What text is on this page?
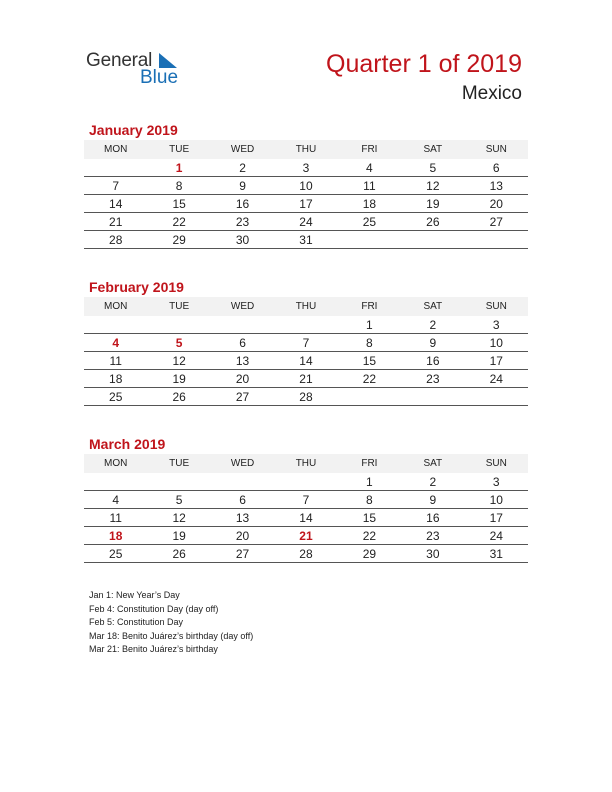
General
Blue	Quarter 1 of 2019
Mexico
January 2019
MON	TUE	WED	THU	FRI	SAT	SUN
	1	2	3	4	5	6
7	8	9	10	11	12	13
14	15	16	17	18	19	20
21	22	23	24	25	26	27
28	29	30	31			
February 2019
MON	TUE	WED	THU	FRI	SAT	SUN
				1	2	3
4	5	6	7	8	9	10
11	12	13	14	15	16	17
18	19	20	21	22	23	24
25	26	27	28			
March 2019
MON	TUE	WED	THU	FRI	SAT	SUN
				1	2	3
4	5	6	7	8	9	10
11	12	13	14	15	16	17
18	19	20	21	22	23	24
25	26	27	28	29	30	31
Jan 1: New Year’s Day
Feb 4: Constitution Day (day off)
Feb 5: Constitution Day
Mar 18: Benito Juárez’s birthday (day off)
Mar 21: Benito Juárez’s birthday
